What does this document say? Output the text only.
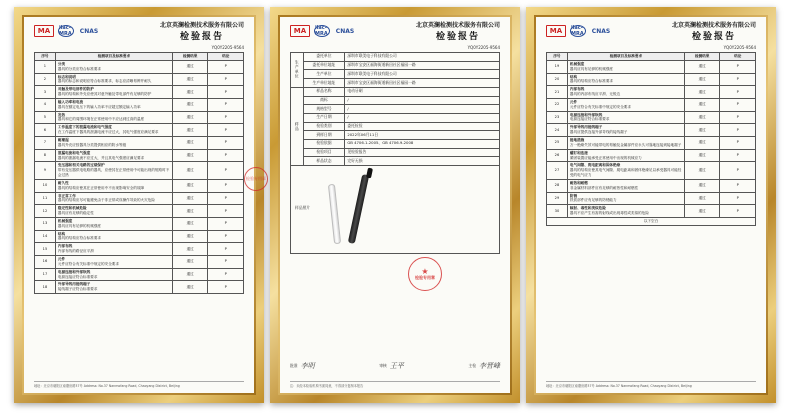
MA	ilac-MRA	CNAS
北京英澜检测技术服务有限公司
检验报告
YQ0Y2205-9564
序号	检测项目及标准要求	检测结果	结论
1	分类
器具的分类应符合标准要求	通过	P
2	标志和说明
器具的标志和说明应符合标准要求，标志应清晰易辨并耐久	通过	P
3	对触及带电部件的防护
器具的结构和外壳应使其对意外触及带电部件有足够的防护	通过	P
4	输入功率和电流
器具在额定电压下的输入功率不应超过额定输入功率	通过	P
5	发热
器具和它的周围环境在正常使用中不应达到过高的温度	通过	P
6	工作温度下的泄漏电流和电气强度
在工作温度下器具的泄漏电流不应过大，其电气强度应满足要求	通过	P
7	耐潮湿
器具外壳应按器具分类提供相应的防水等级	通过	P
8	泄漏电流和电气强度
器具的泄漏电流不应过大，并且其电气强度应满足要求	通过	P
9	变压器和相关电路的过载保护
带有变压器供电电路的器具，应使其在正常使用中可能出现的短路时不会过热	通过	P
10	耐久性
器具的结构应使其在正常使用中不出现影响安全的故障	通过	P
11	非正常工作
器具的结构应尽可能避免由于非正常或误操作导致的火灾危险	通过	P
12	稳定性和机械危险
器具应有足够的稳定性	通过	P
13	机械强度
器具应具有足够的机械强度	通过	P
14	结构
器具的结构应符合标准要求	通过	P
15	内部布线
内部布线的路径应平滑	通过	P
16	元件
元件应符合有关标准中规定的安全要求	通过	P
17	电源连接和外部软线
电源连接应符合标准要求	通过	P
18	外部导线用接线端子
接线端子应符合标准要求	通过	P
检验专用章
地址：北京市朝阳区南磨房路37号 Address: No.37 Nanmofang Road, Chaoyang District, Beijing
MA	ilac-MRA	CNAS
北京英澜检测技术服务有限公司
检验报告
YQ0Y2205-9564
生产单位	委托单位	深圳市联美电子科技有限公司
	委托单位地址	深圳市宝安区福海街道新田社区福园一路
	生产单位	深圳市联美电子科技有限公司
	生产单位地址	深圳市宝安区福海街道新田社区福园一路
样品	样品名称	电动牙刷
	商标	/
	规格型号	/
	生产日期	/
	检验类别	委托检验
	到样日期	2022年06月11日
	检验依据	GB 4706.1-2005、GB 4706.9-2008
	检验项目	见检验报告
	样品状态	完好无损

样品照片		
★
检验专用章
批准 李明	审核 王平	主检 李晋峰
注：未经本检验机构书面同意，不得部分复制本报告
MA	ilac-MRA	CNAS
北京英澜检测技术服务有限公司
检验报告
YQ0Y2205-9564
序号	检测项目及标准要求	检测结果	结论
19	机械强度
器具应具有足够的机械强度	通过	P
20	结构
器具的结构应符合标准要求	通过	P
21	内部布线
器具的内部布线应平滑、无锐边	通过	P
22	元件
元件应符合有关标准中规定的安全要求	通过	P
23	电源连接和外部软线
电源连接应符合标准要求	通过	P
24	外部导线用接线端子
器具应提供连接外部导线的接线端子	通过	P
25	接地措施
万一绝缘失效可能带电的易触及金属部件应永久可靠地连接到接地端子	通过	P
26	螺钉和连接
紧固装置应能承受正常使用中出现的机械应力	通过	P
27	电气间隙、爬电距离和固体绝缘
器具的结构应使其电气间隙、爬电距离和固体绝缘足以承受器具可能经受的电气应力	通过	P
28	耐热和耐燃
非金属材料部件应有足够的耐热性和耐燃性	通过	P
29	防锈
铁质部件应有足够的防锈能力	通过	P
30	辐射、毒性和类似危险
器具不应产生有害的射线或出现毒性或类似的危险	通过	P
以下空白			
地址：北京市朝阳区南磨房路37号 Address: No.37 Nanmofang Road, Chaoyang District, Beijing
